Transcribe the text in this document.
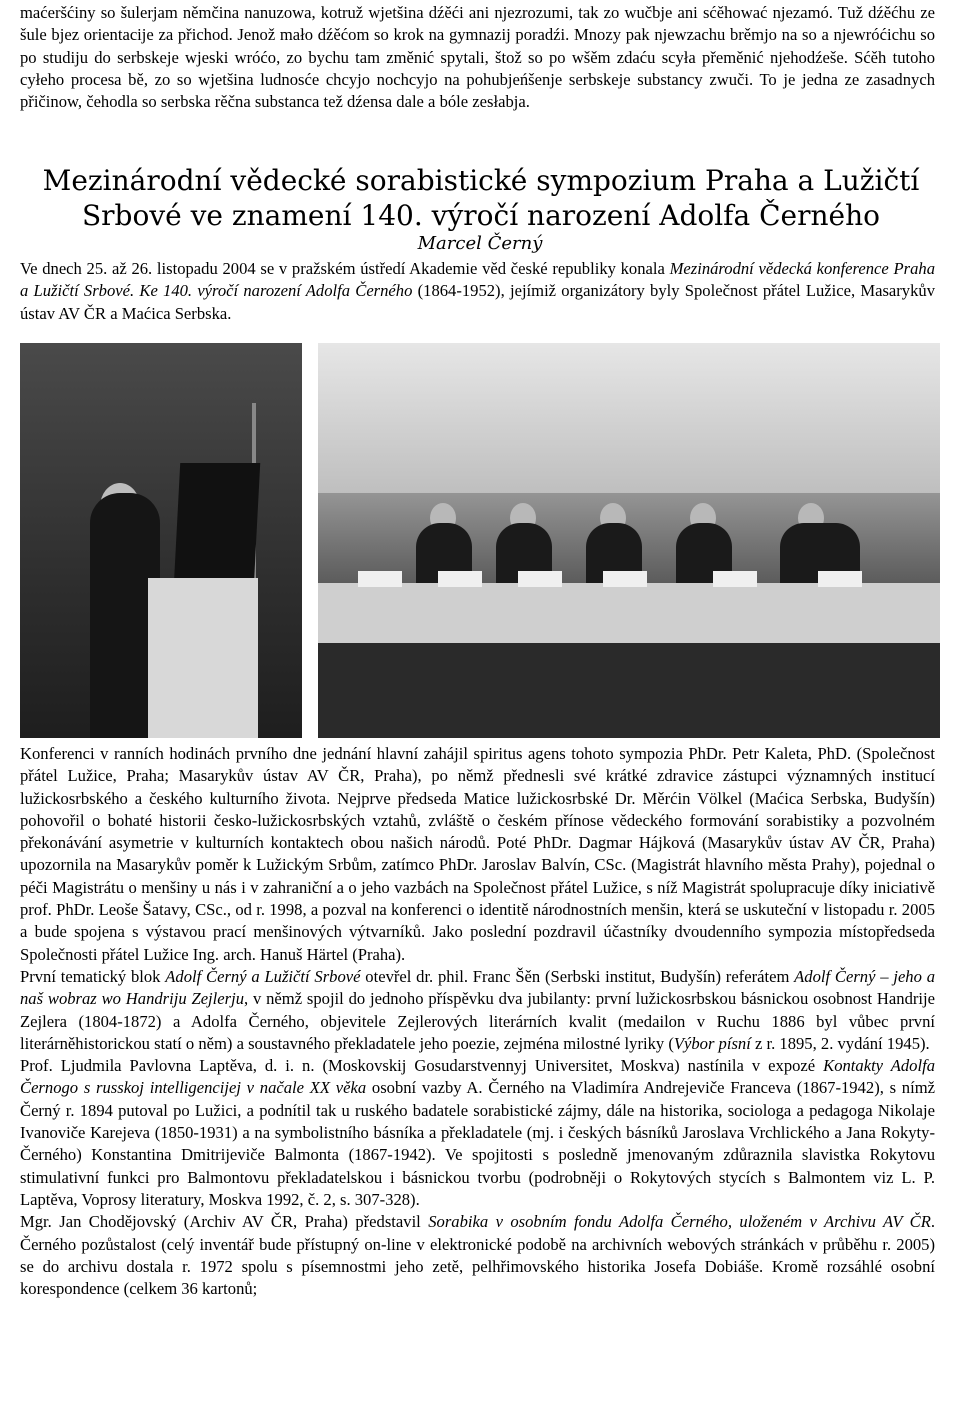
maćeršćiny so šulerjam němčina nanuzowa, kotruž wjetšina dźěći ani njezrozumi, tak zo wučbje ani sćěhować njezamó. Tuž dźěćhu ze šule bjez orientacije za přichod. Jenož mało dźěćom so krok na gymnazij poradźi. Mnozy pak njewzachu brěmjo na so a njewróćichu so po studiju do serbskeje wjeski wróćo, zo bychu tam změnić spytali, štož so po wšěm zdaću scyła přeměnić njehodźeše. Sćěh tutoho cyłeho procesa bě, zo so wjetšina ludnosće chcyjo nochcyjo na pohubjeńšenje serbskeje substancy zwuči. To je jedna ze zasadnych přičinow, čehodla so serbska rěčna substanca tež dźensa dale a bóle zesłabja.
Mezinárodní vědecké sorabistické sympozium Praha a Lužičtí
Srbové ve znamení 140. výročí narození Adolfa Černého
Marcel Černý
Ve dnech 25. až 26. listopadu 2004 se v pražském ústředí Akademie věd české republiky konala Mezinárodní vědecká konference Praha a Lužičtí Srbové. Ke 140. výročí narození Adolfa Černého (1864-1952), jejímiž organizátory byly Společnost přátel Lužice, Masarykův ústav AV ČR a Maćica Serbska.

Konferenci v ranních hodinách prvního dne jednání hlavní zahájil spiritus agens tohoto sympozia PhDr. Petr Kaleta, PhD. (Společnost přátel Lužice, Praha; Masarykův ústav AV ČR, Praha), po němž přednesli své krátké zdravice zástupci významných institucí lužickosrbského a českého kulturního života. Nejprve předseda Matice lužickosrbské Dr. Měrćin Völkel (Maćica Serbska, Budyšín) pohovořil o bohaté historii česko-lužickosrbských vztahů, zvláště o českém přínose vědeckého formování sorabistiky a pozvolném překonávání asymetrie v kulturních kontaktech obou našich národů. Poté PhDr. Dagmar Hájková (Masarykův ústav AV ČR, Praha) upozornila na Masarykův poměr k Lužickým Srbům, zatímco PhDr. Jaroslav Balvín, CSc. (Magistrát hlavního města Prahy), pojednal o péči Magistrátu o menšiny u nás i v zahraniční a o jeho vazbách na Společnost přátel Lužice, s níž Magistrát spolupracuje díky iniciativě prof. PhDr. Leoše Šatavy, CSc., od r. 1998, a pozval na konferenci o identitě národnostních menšin, která se uskuteční v listopadu r. 2005 a bude spojena s výstavou prací menšinových výtvarníků. Jako poslední pozdravil účastníky dvoudenního sympozia místopředseda Společnosti přátel Lužice Ing. arch. Hanuš Härtel (Praha).

První tematický blok Adolf Černý a Lužičtí Srbové otevřel dr. phil. Franc Šěn (Serbski institut, Budyšín) referátem Adolf Černý – jeho a naš wobraz wo Handriju Zejlerju, v němž spojil do jednoho příspěvku dva jubilanty: první lužickosrbskou básnickou osobnost Handrije Zejlera (1804-1872) a Adolfa Černého, objevitele Zejlerových literárních kvalit (medailon v Ruchu 1886 byl vůbec první literárněhistorickou statí o něm) a soustavného překladatele jeho poezie, zejména milostné lyriky (Výbor písní z r. 1895, 2. vydání 1945).

Prof. Ljudmila Pavlovna Laptěva, d. i. n. (Moskovskij Gosudarstvennyj Universitet, Moskva) nastínila v expozé Kontakty Adolfa Černogo s russkoj intelligencijej v načale XX věka osobní vazby A. Černého na Vladimíra Andrejeviče Franceva (1867-1942), s nímž Černý r. 1894 putoval po Lužici, a podnítil tak u ruského badatele sorabistické zájmy, dále na historika, sociologa a pedagoga Nikolaje Ivanoviče Karejeva (1850-1931) a na symbolistního básníka a překladatele (mj. i českých básníků Jaroslava Vrchlického a Jana Rokyty-Černého) Konstantina Dmitrijeviče Balmonta (1867-1942). Ve spojitosti s posledně jmenovaným zdůraznila slavistka Rokytovu stimulativní funkci pro Balmontovu překladatelskou i básnickou tvorbu (podrobněji o Rokytových stycích s Balmontem viz L. P. Laptěva, Voprosy literatury, Moskva 1992, č. 2, s. 307-328).

Mgr. Jan Chodějovský (Archiv AV ČR, Praha) představil Sorabika v osobním fondu Adolfa Černého, uloženém v Archivu AV ČR. Černého pozůstalost (celý inventář bude přístupný on-line v elektronické podobě na archivních webových stránkách v průběhu r. 2005) se do archivu dostala r. 1972 spolu s písemnostmi jeho zetě, pelhřimovského historika Josefa Dobiáše. Kromě rozsáhlé osobní korespondence (celkem 36 kartonů;
